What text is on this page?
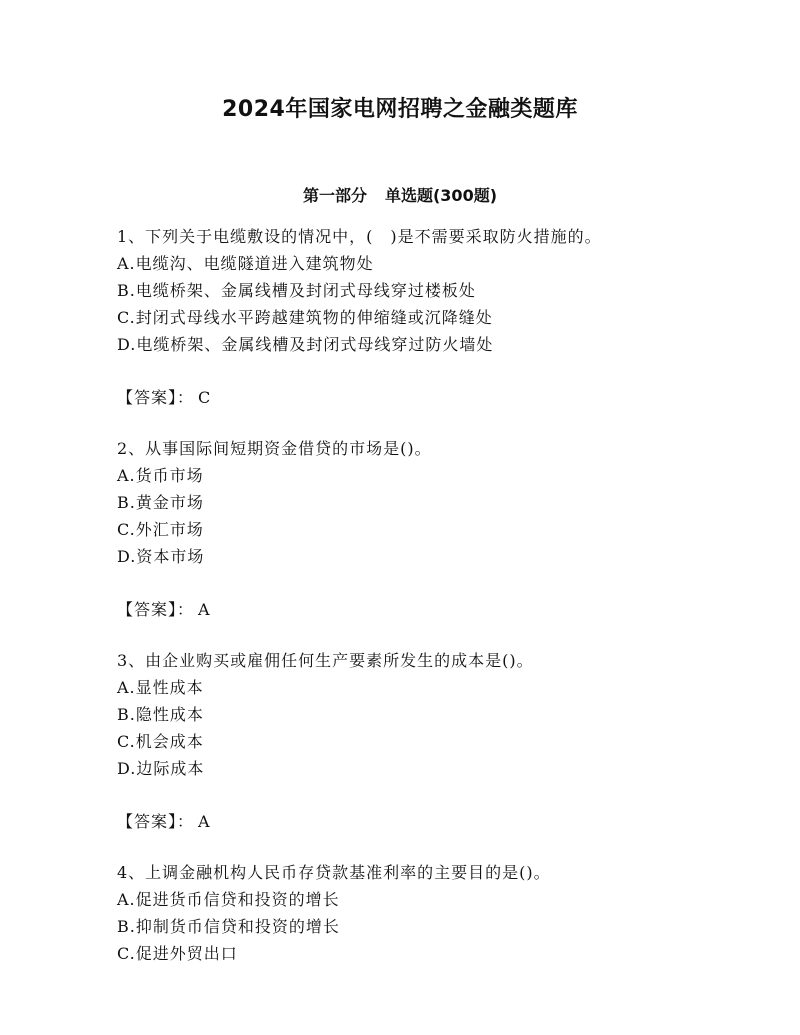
2024年国家电网招聘之金融类题库
第一部分 单选题(300题)
1、下列关于电缆敷设的情况中，(　)是不需要采取防火措施的。
A.电缆沟、电缆隧道进入建筑物处
B.电缆桥架、金属线槽及封闭式母线穿过楼板处
C.封闭式母线水平跨越建筑物的伸缩缝或沉降缝处
D.电缆桥架、金属线槽及封闭式母线穿过防火墙处
【答案】： C
2、从事国际间短期资金借贷的市场是()。
A.货币市场
B.黄金市场
C.外汇市场
D.资本市场
【答案】： A
3、由企业购买或雇佣任何生产要素所发生的成本是()。
A.显性成本
B.隐性成本
C.机会成本
D.边际成本
【答案】： A
4、上调金融机构人民币存贷款基准利率的主要目的是()。
A.促进货币信贷和投资的增长
B.抑制货币信贷和投资的增长
C.促进外贸出口
